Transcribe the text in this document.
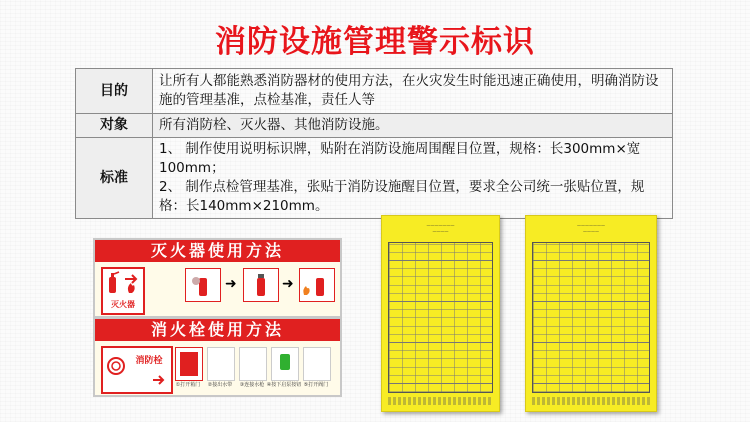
消防设施管理警示标识
目的	让所有人都能熟悉消防器材的使用方法，在火灾发生时能迅速正确使用，明确消防设施的管理基准，点检基准，责任人等
对象	所有消防栓、灭火器、其他消防设施。
标准	1、 制作使用说明标识牌，贴附在消防设施周围醒目位置，规格：长300mm×宽100mm；
2、 制作点检管理基准，张贴于消防设施醒目位置，要求全公司统一张贴位置，规格：长140mm×210mm。
灭火器使用方法
灭火器
➜	➜
消火栓使用方法
消防栓
①打开箱门	②接出水带	③连接水枪 ④按下启泵按钮 ⑤打开阀门
———————
————
———————
————
